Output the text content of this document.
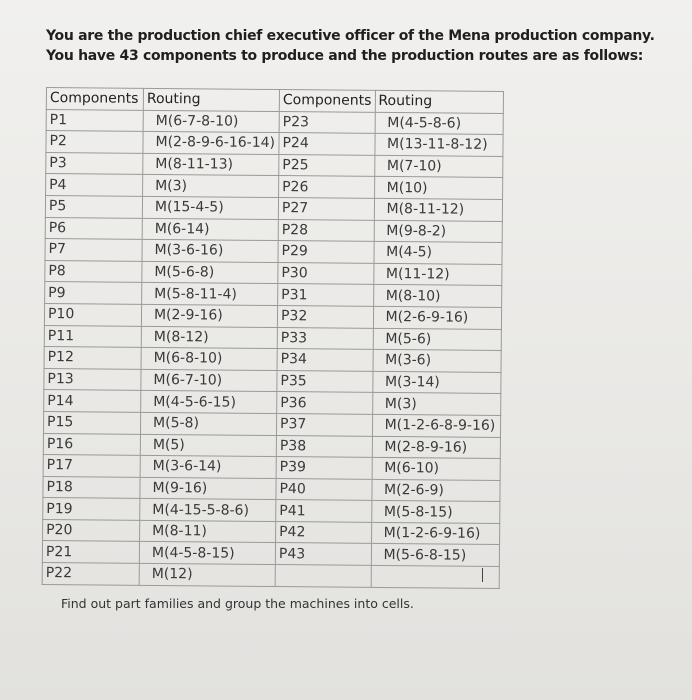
You are the production chief executive officer of the Mena production company. You have 43 components to produce and the production routes are as follows:
Components	Routing	Components	Routing
P1	M(6-7-8-10)	P23	M(4-5-8-6)
P2	M(2-8-9-6-16-14)	P24	M(13-11-8-12)
P3	M(8-11-13)	P25	M(7-10)
P4	M(3)	P26	M(10)
P5	M(15-4-5)	P27	M(8-11-12)
P6	M(6-14)	P28	M(9-8-2)
P7	M(3-6-16)	P29	M(4-5)
P8	M(5-6-8)	P30	M(11-12)
P9	M(5-8-11-4)	P31	M(8-10)
P10	M(2-9-16)	P32	M(2-6-9-16)
P11	M(8-12)	P33	M(5-6)
P12	M(6-8-10)	P34	M(3-6)
P13	M(6-7-10)	P35	M(3-14)
P14	M(4-5-6-15)	P36	M(3)
P15	M(5-8)	P37	M(1-2-6-8-9-16)
P16	M(5)	P38	M(2-8-9-16)
P17	M(3-6-14)	P39	M(6-10)
P18	M(9-16)	P40	M(2-6-9)
P19	M(4-15-5-8-6)	P41	M(5-8-15)
P20	M(8-11)	P42	M(1-2-6-9-16)
P21	M(4-5-8-15)	P43	M(5-6-8-15)
P22	M(12)		
Find out part families and group the machines into cells.
